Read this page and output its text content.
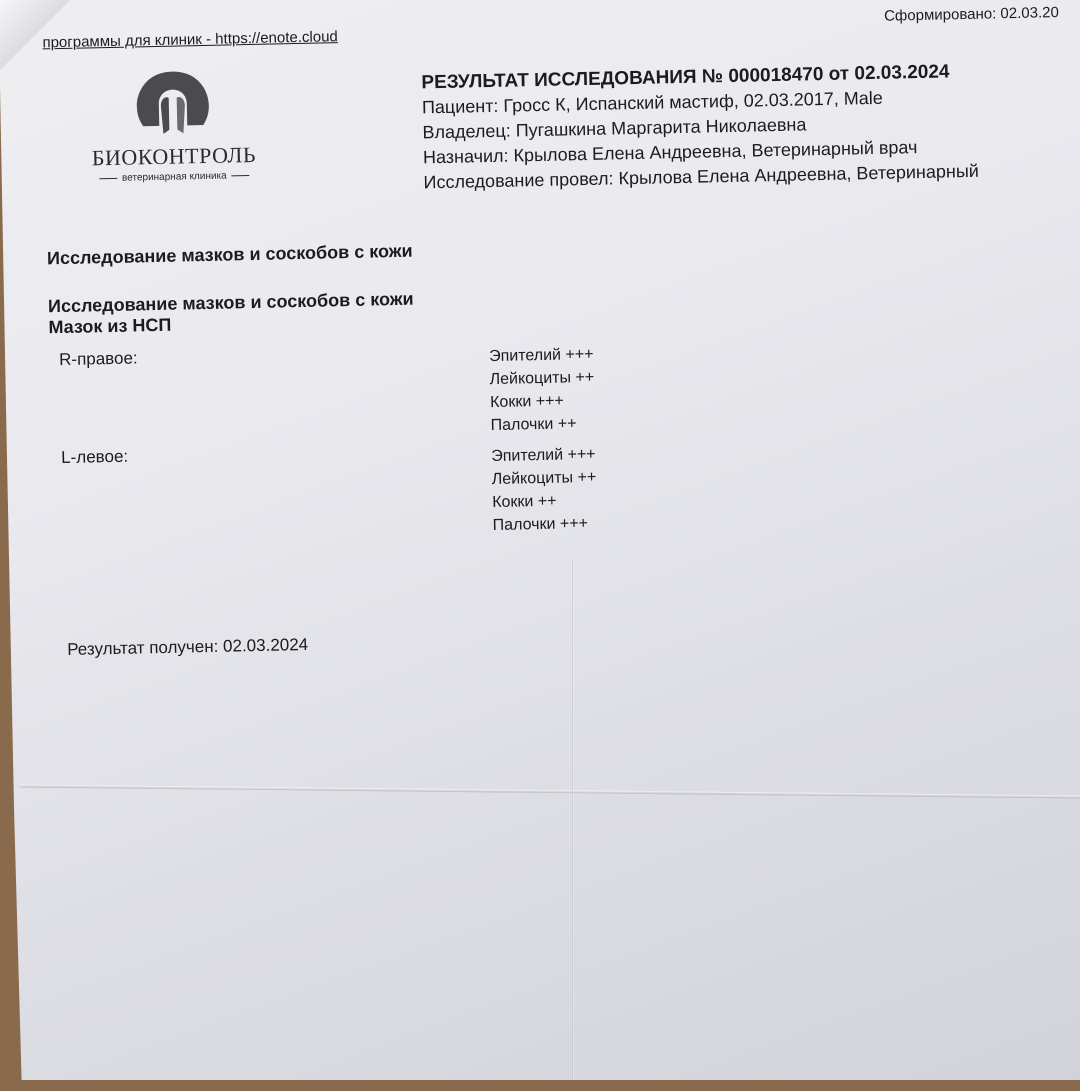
программы для клиник - https://enote.cloud
Сформировано: 02.03.20
БИОКОНТРОЛЬ
ветеринарная клиника
РЕЗУЛЬТАТ ИССЛЕДОВАНИЯ № 000018470 от 02.03.2024
Пациент: Гросс К, Испанский мастиф, 02.03.2017, Male
Владелец: Пугашкина Маргарита Николаевна
Назначил: Крылова Елена Андреевна, Ветеринарный врач
Исследование провел: Крылова Елена Андреевна, Ветеринарный
Исследование мазков и соскобов с кожи
Исследование мазков и соскобов с кожи
Мазок из НСП
R-правое:	Эпителий +++
Лейкоциты ++
Кокки +++
Палочки ++
L-левое:	Эпителий +++
Лейкоциты ++
Кокки ++
Палочки +++
Результат получен: 02.03.2024
